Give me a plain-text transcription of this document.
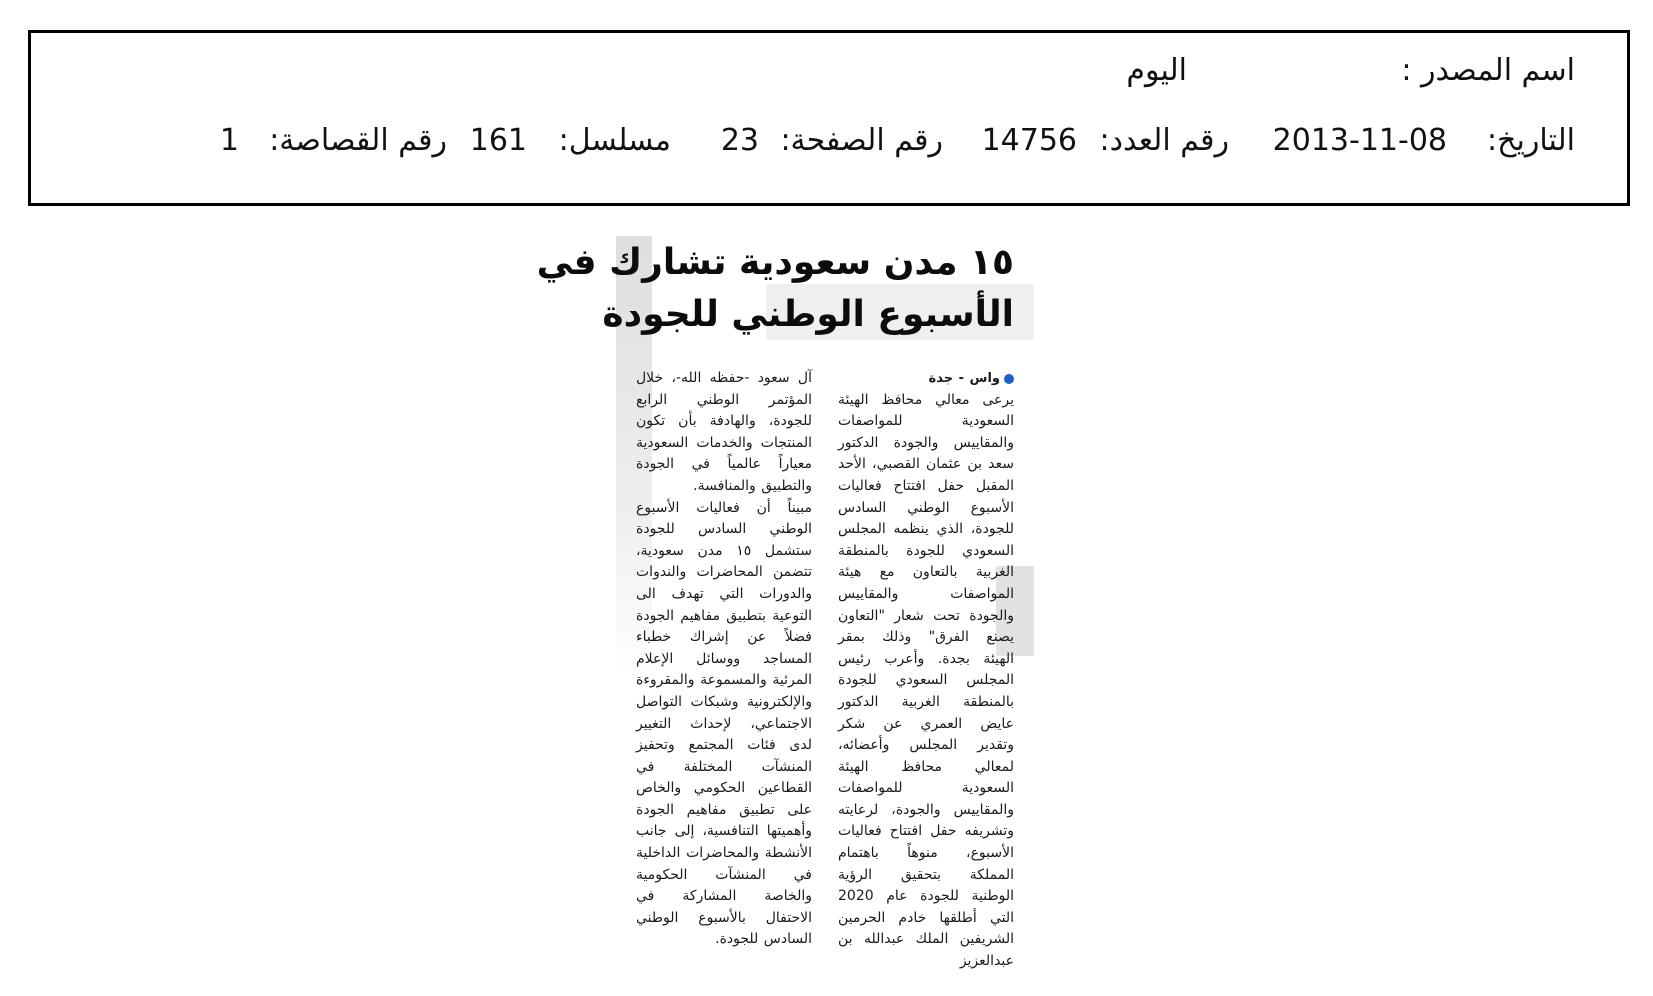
اسم المصدر :
اليوم
التاريخ:
2013-11-08
رقم العدد:
14756
رقم الصفحة:
23
مسلسل:
161
رقم القصاصة:
1
١٥ مدن سعودية تشارك في
الأسبوع الوطني للجودة
واس - جدة

يرعى معالي محافظ الهيئة السعودية للمواصفات والمقاييس والجودة الدكتور سعد بن عثمان القصبي، الأحد المقبل حفل افتتاح فعاليات الأسبوع الوطني السادس للجودة، الذي ينظمه المجلس السعودي للجودة بالمنطقة الغربية بالتعاون مع هيئة المواصفات والمقاييس والجودة تحت شعار "التعاون يصنع الفرق" وذلك بمقر الهيئة بجدة. وأعرب رئيس المجلس السعودي للجودة بالمنطقة الغربية الدكتور عايض العمري عن شكر وتقدير المجلس وأعضائه، لمعالي محافظ الهيئة السعودية للمواصفات والمقاييس والجودة، لرعايته وتشريفه حفل افتتاح فعاليات الأسبوع، منوهاً باهتمام المملكة بتحقيق الرؤية الوطنية للجودة عام 2020 التي أطلقها خادم الحرمين الشريفين الملك عبدالله بن عبدالعزيز

آل سعود -حفظه الله-، خلال المؤتمر الوطني الرابع للجودة، والهادفة بأن تكون المنتجات والخدمات السعودية معياراً عالمياً في الجودة والتطبيق والمنافسة.

مبيناً أن فعاليات الأسبوع الوطني السادس للجودة ستشمل ١٥ مدن سعودية، تتضمن المحاضرات والندوات والدورات التي تهدف الى التوعية بتطبيق مفاهيم الجودة فضلاً عن إشراك خطباء المساجد ووسائل الإعلام المرئية والمسموعة والمقروءة والإلكترونية وشبكات التواصل الاجتماعي، لإحداث التغيير لدى فئات المجتمع وتحفيز المنشآت المختلفة في القطاعين الحكومي والخاص على تطبيق مفاهيم الجودة وأهميتها التنافسية، إلى جانب الأنشطة والمحاضرات الداخلية في المنشآت الحكومية والخاصة المشاركة في الاحتفال بالأسبوع الوطني السادس للجودة.
